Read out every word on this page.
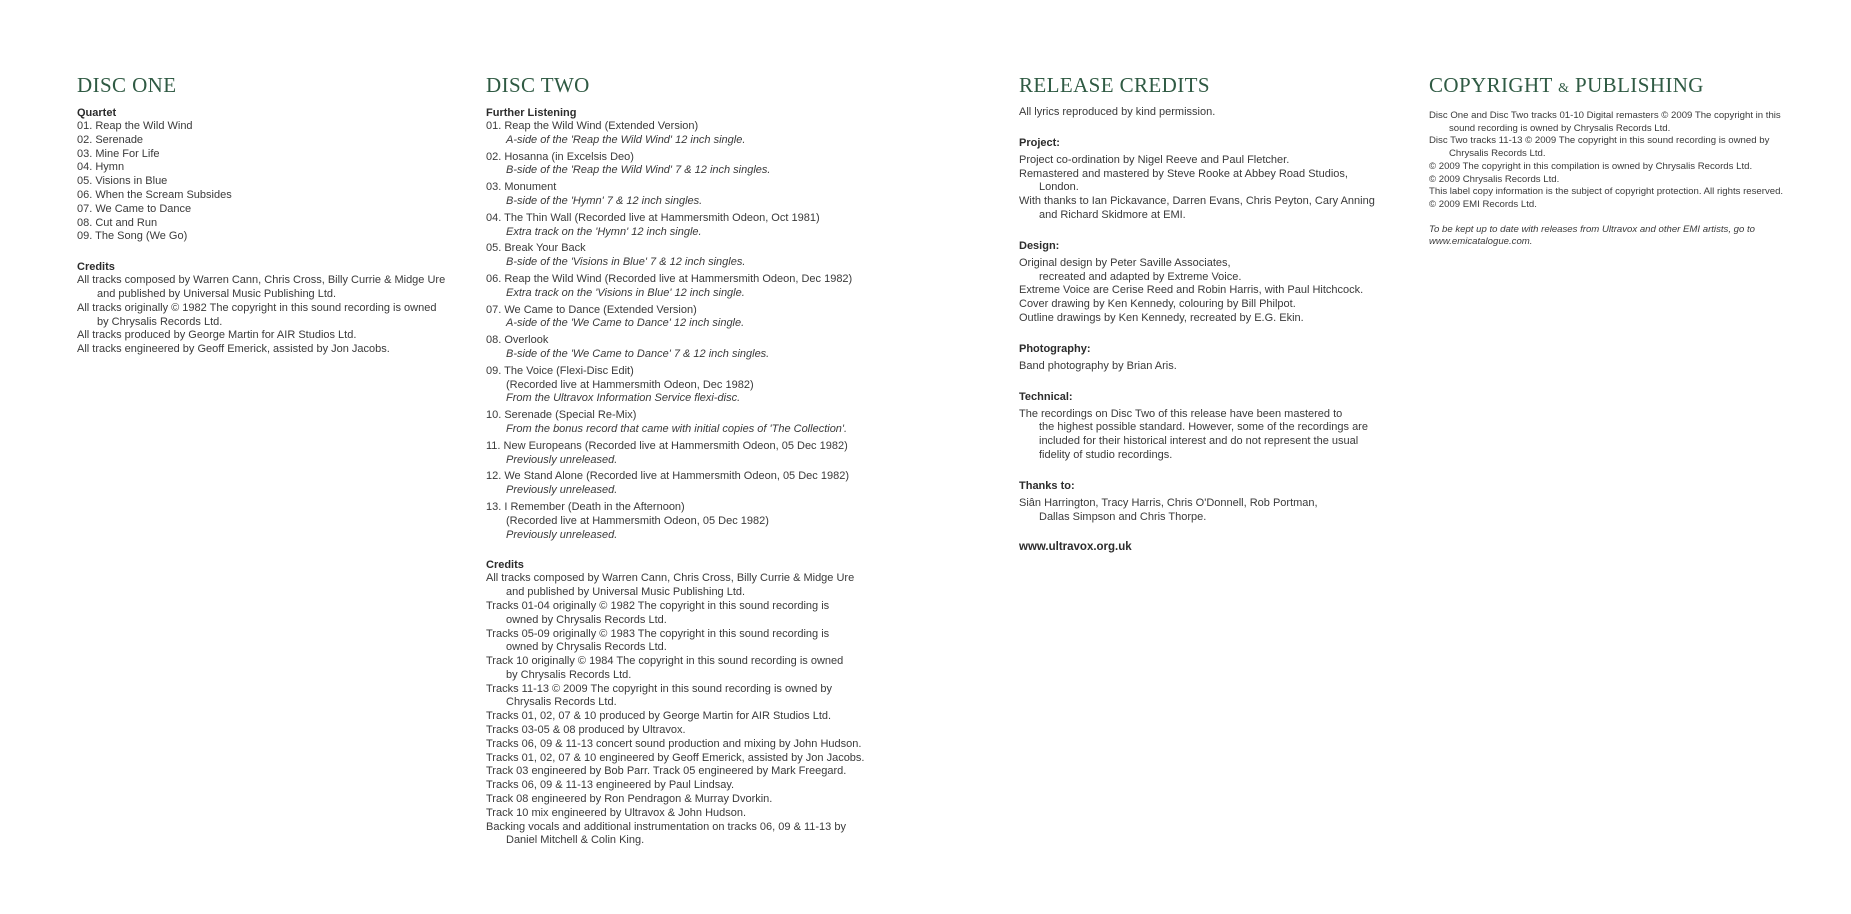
DISC ONE
Quartet
01. Reap the Wild Wind
02. Serenade
03. Mine For Life
04. Hymn
05. Visions in Blue
06. When the Scream Subsides
07. We Came to Dance
08. Cut and Run
09. The Song (We Go)
Credits
All tracks composed by Warren Cann, Chris Cross, Billy Currie & Midge Ure
and published by Universal Music Publishing Ltd.
All tracks originally © 1982 The copyright in this sound recording is owned
by Chrysalis Records Ltd.
All tracks produced by George Martin for AIR Studios Ltd.
All tracks engineered by Geoff Emerick, assisted by Jon Jacobs.
DISC TWO
Further Listening
01. Reap the Wild Wind (Extended Version)
A-side of the 'Reap the Wild Wind' 12 inch single.
02. Hosanna (in Excelsis Deo)
B-side of the 'Reap the Wild Wind' 7 & 12 inch singles.
03. Monument
B-side of the 'Hymn' 7 & 12 inch singles.
04. The Thin Wall (Recorded live at Hammersmith Odeon, Oct 1981)
Extra track on the 'Hymn' 12 inch single.
05. Break Your Back
B-side of the 'Visions in Blue' 7 & 12 inch singles.
06. Reap the Wild Wind (Recorded live at Hammersmith Odeon, Dec 1982)
Extra track on the 'Visions in Blue' 12 inch single.
07. We Came to Dance (Extended Version)
A-side of the 'We Came to Dance' 12 inch single.
08. Overlook
B-side of the 'We Came to Dance' 7 & 12 inch singles.
09. The Voice (Flexi-Disc Edit)
(Recorded live at Hammersmith Odeon, Dec 1982)
From the Ultravox Information Service flexi-disc.
10. Serenade (Special Re-Mix)
From the bonus record that came with initial copies of 'The Collection'.
11. New Europeans (Recorded live at Hammersmith Odeon, 05 Dec 1982)
Previously unreleased.
12. We Stand Alone (Recorded live at Hammersmith Odeon, 05 Dec 1982)
Previously unreleased.
13. I Remember (Death in the Afternoon)
(Recorded live at Hammersmith Odeon, 05 Dec 1982)
Previously unreleased.
Credits
All tracks composed by Warren Cann, Chris Cross, Billy Currie & Midge Ure
and published by Universal Music Publishing Ltd.
Tracks 01-04 originally © 1982 The copyright in this sound recording is
owned by Chrysalis Records Ltd.
Tracks 05-09 originally © 1983 The copyright in this sound recording is
owned by Chrysalis Records Ltd.
Track 10 originally © 1984 The copyright in this sound recording is owned
by Chrysalis Records Ltd.
Tracks 11-13 © 2009 The copyright in this sound recording is owned by
Chrysalis Records Ltd.
Tracks 01, 02, 07 & 10 produced by George Martin for AIR Studios Ltd.
Tracks 03-05 & 08 produced by Ultravox.
Tracks 06, 09 & 11-13 concert sound production and mixing by John Hudson.
Tracks 01, 02, 07 & 10 engineered by Geoff Emerick, assisted by Jon Jacobs.
Track 03 engineered by Bob Parr. Track 05 engineered by Mark Freegard.
Tracks 06, 09 & 11-13 engineered by Paul Lindsay.
Track 08 engineered by Ron Pendragon & Murray Dvorkin.
Track 10 mix engineered by Ultravox & John Hudson.
Backing vocals and additional instrumentation on tracks 06, 09 & 11-13 by
Daniel Mitchell & Colin King.
RELEASE CREDITS
All lyrics reproduced by kind permission.
Project:
Project co-ordination by Nigel Reeve and Paul Fletcher.
Remastered and mastered by Steve Rooke at Abbey Road Studios,
London.
With thanks to Ian Pickavance, Darren Evans, Chris Peyton, Cary Anning
and Richard Skidmore at EMI.
Design:
Original design by Peter Saville Associates,
recreated and adapted by Extreme Voice.
Extreme Voice are Cerise Reed and Robin Harris, with Paul Hitchcock.
Cover drawing by Ken Kennedy, colouring by Bill Philpot.
Outline drawings by Ken Kennedy, recreated by E.G. Ekin.
Photography:
Band photography by Brian Aris.
Technical:
The recordings on Disc Two of this release have been mastered to
the highest possible standard. However, some of the recordings are
included for their historical interest and do not represent the usual
fidelity of studio recordings.
Thanks to:
Siân Harrington, Tracy Harris, Chris O'Donnell, Rob Portman,
Dallas Simpson and Chris Thorpe.
www.ultravox.org.uk
COPYRIGHT & PUBLISHING
Disc One and Disc Two tracks 01-10 Digital remasters © 2009 The copyright in this
sound recording is owned by Chrysalis Records Ltd.
Disc Two tracks 11-13 © 2009 The copyright in this sound recording is owned by
Chrysalis Records Ltd.
© 2009 The copyright in this compilation is owned by Chrysalis Records Ltd.
© 2009 Chrysalis Records Ltd.
This label copy information is the subject of copyright protection. All rights reserved.
© 2009 EMI Records Ltd.
To be kept up to date with releases from Ultravox and other EMI artists, go to
www.emicatalogue.com.
